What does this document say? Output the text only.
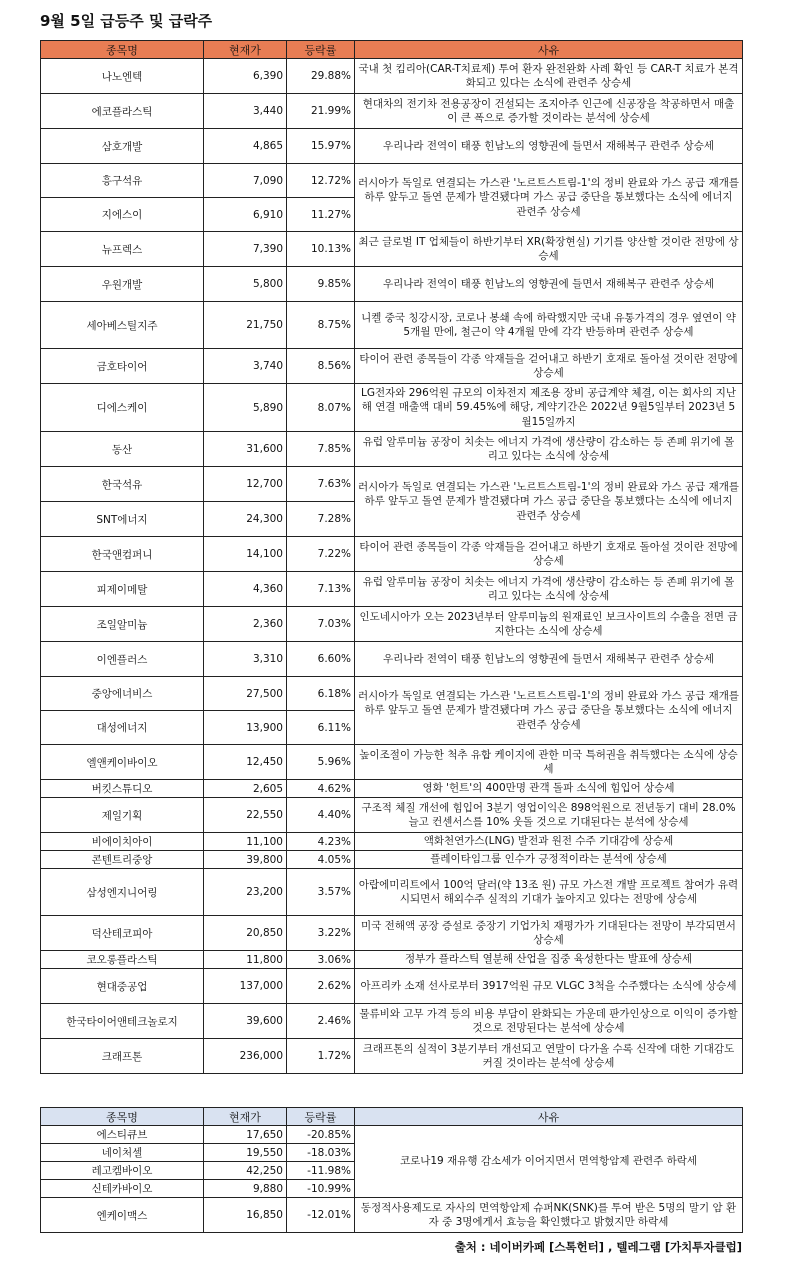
9월 5일 급등주 및 급락주
종목명	현재가	등락률	사유
나노엔텍	6,390	29.88%	국내 첫 킴리아(CAR-T치료제) 투여 환자 완전완화 사례 확인 등 CAR-T 치료가 본격화되고 있다는 소식에 관련주 상승세
에코플라스틱	3,440	21.99%	현대차의 전기차 전용공장이 건설되는 조지아주 인근에 신공장을 착공하면서 매출이 큰 폭으로 증가할 것이라는 분석에 상승세
삼호개발	4,865	15.97%	우리나라 전역이 태풍 힌남노의 영향권에 들면서 재해복구 관련주 상승세
흥구석유	7,090	12.72%	러시아가 독일로 연결되는 가스관 '노르트스트림-1'의 정비 완료와 가스 공급 재개를 하루 앞두고 돌연 문제가 발견됐다며 가스 공급 중단을 통보했다는 소식에 에너지 관련주 상승세
지에스이	6,910	11.27%	
뉴프렉스	7,390	10.13%	최근 글로벌 IT 업체들이 하반기부터 XR(확장현실) 기기를 양산할 것이란 전망에 상승세
우원개발	5,800	9.85%	우리나라 전역이 태풍 힌남노의 영향권에 들면서 재해복구 관련주 상승세
세아베스틸지주	21,750	8.75%	니켈 중국 칭강시장, 코로나 봉쇄 속에 하락했지만 국내 유통가격의 경우 옆연이 약 5개월 만에, 철근이 약 4개월 만에 각각 반등하며 관련주 상승세
금호타이어	3,740	8.56%	타이어 관련 종목들이 각종 악재들을 걷어내고 하반기 호재로 돌아설 것이란 전망에 상승세
디에스케이	5,890	8.07%	LG전자와 296억원 규모의 이차전지 제조용 장비 공급계약 체결, 이는 회사의 지난해 연결 매출액 대비 59.45%에 해당, 계약기간은 2022년 9월5일부터 2023년 5월15일까지
동산	31,600	7.85%	유럽 알루미늄 공장이 치솟는 에너지 가격에 생산량이 감소하는 등 존폐 위기에 몰리고 있다는 소식에 상승세
한국석유	12,700	7.63%	러시아가 독일로 연결되는 가스관 '노르트스트림-1'의 정비 완료와 가스 공급 재개를 하루 앞두고 돌연 문제가 발견됐다며 가스 공급 중단을 통보했다는 소식에 에너지 관련주 상승세
SNT에너지	24,300	7.28%	
한국앤컴퍼니	14,100	7.22%	타이어 관련 종목들이 각종 악재들을 걷어내고 하반기 호재로 돌아설 것이란 전망에 상승세
피제이메탈	4,360	7.13%	유럽 알루미늄 공장이 치솟는 에너지 가격에 생산량이 감소하는 등 존폐 위기에 몰리고 있다는 소식에 상승세
조일알미늄	2,360	7.03%	인도네시아가 오는 2023년부터 알루미늄의 원재료인 보크사이트의 수출을 전면 금지한다는 소식에 상승세
이엔플러스	3,310	6.60%	우리나라 전역이 태풍 힌남노의 영향권에 들면서 재해복구 관련주 상승세
중앙에너비스	27,500	6.18%	러시아가 독일로 연결되는 가스관 '노르트스트림-1'의 정비 완료와 가스 공급 재개를 하루 앞두고 돌연 문제가 발견됐다며 가스 공급 중단을 통보했다는 소식에 에너지 관련주 상승세
대성에너지	13,900	6.11%	
엘앤케이바이오	12,450	5.96%	높이조절이 가능한 척추 유합 케이지에 관한 미국 특허권을 취득했다는 소식에 상승세
버킷스튜디오	2,605	4.62%	영화 '헌트'의 400만명 관객 돌파 소식에 힘입어 상승세
제일기획	22,550	4.40%	구조적 체질 개선에 힘입어 3분기 영업이익은 898억원으로 전년동기 대비 28.0% 늘고 컨센서스를 10% 웃돌 것으로 기대된다는 분석에 상승세
비에이치아이	11,100	4.23%	액화천연가스(LNG) 발전과 원전 수주 기대감에 상승세
콘텐트리중앙	39,800	4.05%	플레이타임그룹 인수가 긍정적이라는 분석에 상승세
삼성엔지니어링	23,200	3.57%	아랍에미리트에서 100억 달러(약 13조 원) 규모 가스전 개발 프로젝트 참여가 유력시되면서 해외수주 실적의 기대가 높아지고 있다는 전망에 상승세
덕산테코피아	20,850	3.22%	미국 전해액 공장 증설로 중장기 기업가치 재평가가 기대된다는 전망이 부각되면서 상승세
코오롱플라스틱	11,800	3.06%	정부가 플라스틱 열분해 산업을 집중 육성한다는 발표에 상승세
현대중공업	137,000	2.62%	아프리카 소재 선사로부터 3917억원 규모 VLGC 3척을 수주했다는 소식에 상승세
한국타이어앤테크놀로지	39,600	2.46%	물류비와 고무 가격 등의 비용 부담이 완화되는 가운데 판가인상으로 이익이 증가할 것으로 전망된다는 분석에 상승세
크래프톤	236,000	1.72%	크래프톤의 실적이 3분기부터 개선되고 연말이 다가올 수록 신작에 대한 기대감도 커질 것이라는 분석에 상승세
종목명	현재가	등락률	사유
에스티큐브	17,650	-20.85%	코로나19 재유행 감소세가 이어지면서 면역항암제 관련주 하락세
네이처셀	19,550	-18.03%	
레고켐바이오	42,250	-11.98%	
신테카바이오	9,880	-10.99%	
엔케이맥스	16,850	-12.01%	동정적사용제도로 자사의 면역항암제 슈퍼NK(SNK)를 투여 받은 5명의 말기 암 환자 중 3명에게서 효능을 확인했다고 밝혔지만 하락세
출처 : 네이버카페 [스톡헌터] , 텔레그램 [가치투자클럽]
